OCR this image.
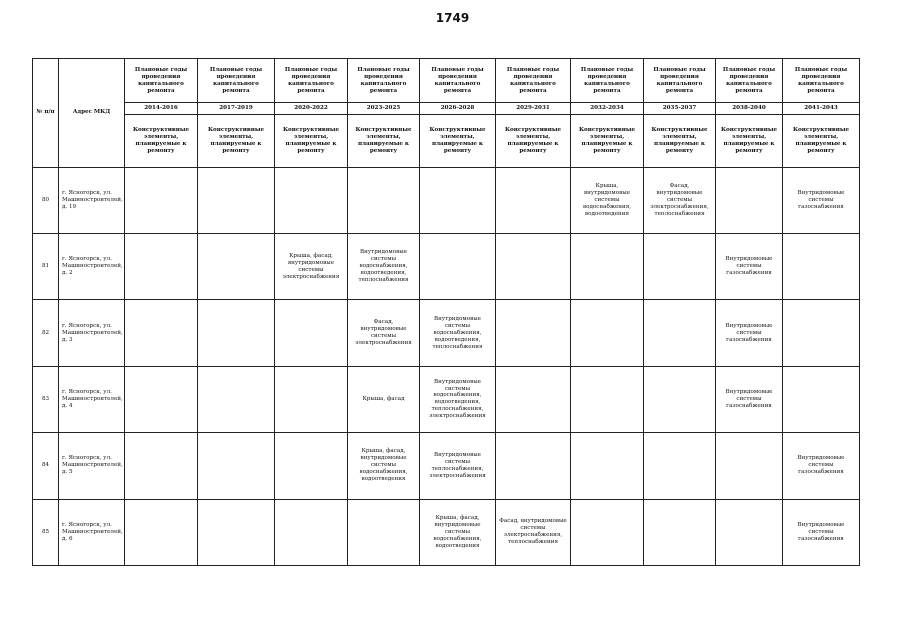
1749
№ п/п	Адрес МКД	Плановые годы проведения капитального ремонта	Плановые годы проведения капитального ремонта	Плановые годы проведения капитального ремонта	Плановые годы проведения капитального ремонта	Плановые годы проведения капитального ремонта	Плановые годы проведения капитального ремонта	Плановые годы проведения капитального ремонта	Плановые годы проведения капитального ремонта	Плановые годы проведения капитального ремонта	Плановые годы проведения капитального ремонта
		2014-2016	2017-2019	2020-2022	2023-2025	2026-2028	2029-2031	2032-2034	2035-2037	2038-2040	2041-2043
		Конструктивные элементы, планируемые к ремонту	Конструктивные элементы, планируемые к ремонту	Конструктивные элементы, планируемые к ремонту	Конструктивные элементы, планируемые к ремонту	Конструктивные элементы, планируемые к ремонту	Конструктивные элементы, планируемые к ремонту	Конструктивные элементы, планируемые к ремонту	Конструктивные элементы, планируемые к ремонту	Конструктивные элементы, планируемые к ремонту	Конструктивные элементы, планируемые к ремонту
80	г. Ясногорск, ул. Машиностроителей, д. 19							Крыша, внутридомовые системы водоснабжения, водоотведения	Фасад, внутридомовые системы электроснабжения, теплоснабжения		Внутридомовые системы газоснабжения
81	г. Ясногорск, ул. Машиностроителей, д. 2			Крыша, фасад, внутридомовые системы электроснабжения	Внутридомовые системы водоснабжения, водоотведения, теплоснабжения					Внутридомовые системы газоснабжения	
82	г. Ясногорск, ул. Машиностроителей, д. 3				Фасад, внутридомовые системы электроснабжения	Внутридомовые системы водоснабжения, водоотведения, теплоснабжения				Внутридомовые системы газоснабжения	
83	г. Ясногорск, ул. Машиностроителей, д. 4				Крыша, фасад	Внутридомовые системы водоснабжения, водоотведения, теплоснабжения, электроснабжения				Внутридомовые системы газоснабжения	
84	г. Ясногорск, ул. Машиностроителей, д. 5				Крыша, фасад, внутридомовые системы водоснабжения, водоотведения	Внутридомовые системы теплоснабжения, электроснабжения					Внутридомовые системы газоснабжения
85	г. Ясногорск, ул. Машиностроителей, д. 6					Крыша, фасад, внутридомовые системы водоснабжения, водоотведения	Фасад, внутридомовые системы электроснабжения, теплоснабжения				Внутридомовые системы газоснабжения
